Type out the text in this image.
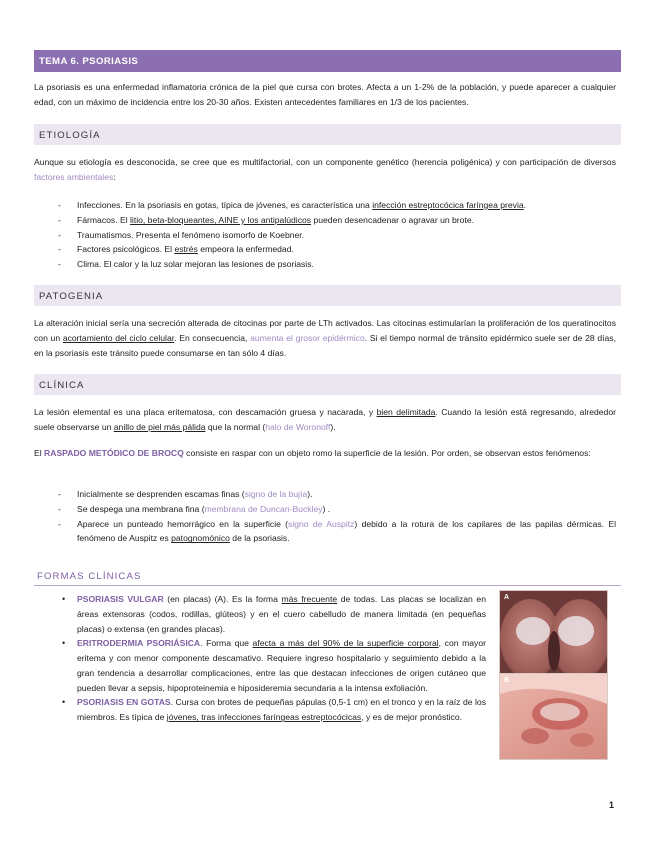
TEMA 6. PSORIASIS
La psoriasis es una enfermedad inflamatoria crónica de la piel que cursa con brotes. Afecta a un 1-2% de la población, y puede aparecer a cualquier edad, con un máximo de incidencia entre los 20-30 años. Existen antecedentes familiares en 1/3 de los pacientes.
ETIOLOGÍA
Aunque su etiología es desconocida, se cree que es multifactorial, con un componente genético (herencia poligénica) y con participación de diversos factores ambientales:
- Infecciones. En la psoriasis en gotas, típica de jóvenes, es característica una infección estreptocócica faríngea previa.
- Fármacos. El litio, beta-bloqueantes, AINE y los antipalúdicos pueden desencadenar o agravar un brote.
- Traumatismos. Presenta el fenómeno isomorfo de Koebner.
- Factores psicológicos. El estrés empeora la enfermedad.
- Clima. El calor y la luz solar mejoran las lesiones de psoriasis.
PATOGENIA
La alteración inicial sería una secreción alterada de citocinas por parte de LTh activados. Las citocinas estimularían la proliferación de los queratinocitos con un acortamiento del ciclo celular. En consecuencia, aumenta el grosor epidérmico. Si el tiempo normal de tránsito epidérmico suele ser de 28 días, en la psoriasis este tránsito puede consumarse en tan sólo 4 días.
CLÍNICA
La lesión elemental es una placa eritematosa, con descamación gruesa y nacarada, y bien delimitada. Cuando la lesión está regresando, alrededor suele observarse un anillo de piel más pálida que la normal (halo de Woronoff).
El RASPADO METÓDICO DE BROCQ consiste en raspar con un objeto romo la superficie de la lesión. Por orden, se observan estos fenómenos:
- Inicialmente se desprenden escamas finas (signo de la bujía).
- Se despega una membrana fina (membrana de Duncan-Buckley) .
- Aparece un punteado hemorrágico en la superficie (signo de Auspitz) debido a la rotura de los capilares de las papilas dérmicas. El fenómeno de Auspitz es patognomónico de la psoriasis.
FORMAS CLÍNICAS
• PSORIASIS VULGAR (en placas) (A). Es la forma más frecuente de todas. Las placas se localizan en áreas extensoras (codos, rodillas, glúteos) y en el cuero cabelludo de manera limitada (en pequeñas placas) o extensa (en grandes placas).
• ERITRODERMIA PSORIÁSICA. Forma que afecta a más del 90% de la superficie corporal, con mayor eritema y con menor componente descamativo. Requiere ingreso hospitalario y seguimiento debido a la gran tendencia a desarrollar complicaciones, entre las que destacan infecciones de origen cutáneo que pueden llevar a sepsis, hipoproteinemia e hiposideremia secundaria a la intensa exfoliación.
• PSORIASIS EN GOTAS. Cursa con brotes de pequeñas pápulas (0,5-1 cm) en el tronco y en la raíz de los miembros. Es típica de jóvenes, tras infecciones faríngeas estreptocócicas, y es de mejor pronóstico.
A
B
1
